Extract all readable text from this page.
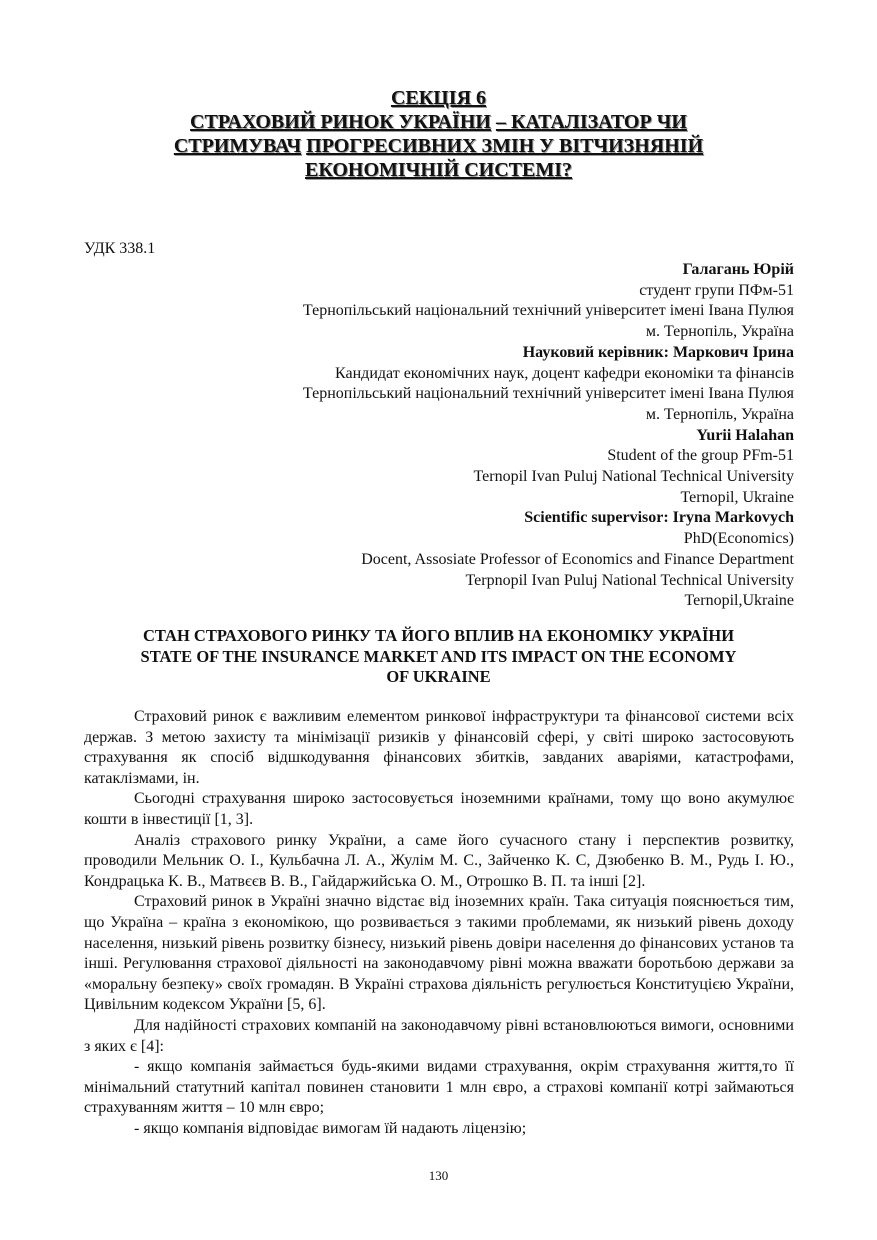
СЕКЦІЯ 6
СТРАХОВИЙ РИНОК УКРАЇНИ – КАТАЛІЗАТОР ЧИ
СТРИМУВАЧ ПРОГРЕСИВНИХ ЗМІН У ВІТЧИЗНЯНІЙ
ЕКОНОМІЧНІЙ СИСТЕМІ?
УДК 338.1
Галагань Юрій
студент групи ПФм-51
Тернопільський національний технічний університет імені Івана Пулюя
м. Тернопіль, Україна
Науковий керівник: Маркович Ірина
Кандидат економічних наук, доцент кафедри економіки та фінансів
Тернопільський національний технічний університет імені Івана Пулюя
м. Тернопіль, Україна
Yurii Halahan
Student of the group PFm-51
Ternopil Ivan Puluj National Technical University
Ternopil, Ukraine
Scientific supervisor: Iryna Markovych
PhD(Economics)
Docent, Assosiate Professor of Economics and Finance Department
Terpnopil Ivan Puluj National Technical University
Ternopil,Ukraine
СТАН СТРАХОВОГО РИНКУ ТА ЙОГО ВПЛИВ НА ЕКОНОМІКУ УКРАЇНИ
STATE OF THE INSURANCE MARKET AND ITS IMPACT ON THE ECONOMY
OF UKRAINE

Страховий ринок є важливим елементом ринкової інфраструктури та фінансової системи всіх держав. З метою захисту та мінімізації ризиків у фінансовій сфері, у світі широко застосовують страхування як спосіб відшкодування фінансових збитків, завданих аваріями, катастрофами, катаклізмами, ін.

Сьогодні страхування широко застосовується іноземними країнами, тому що воно акумулює кошти в інвестиції [1, 3].

Аналіз страхового ринку України, а саме його сучасного стану і перспектив розвитку, проводили Мельник О. І., Кульбачна Л. А., Жулім М. С., Зайченко К. С, Дзюбенко В. М., Рудь І. Ю., Кондрацька К. В., Матвєєв В. В., Гайдаржийська О. М., Отрошко В. П. та інші [2].

Страховий ринок в Україні значно відстає від іноземних країн. Така ситуація пояснюється тим, що Україна – країна з економікою, що розвивається з такими проблемами, як низький рівень доходу населення, низький рівень розвитку бізнесу, низький рівень довіри населення до фінансових установ та інші. Регулювання страхової діяльності на законодавчому рівні можна вважати боротьбою держави за «моральну безпеку» своїх громадян. В Україні страхова діяльність регулюється Конституцією України, Цивільним кодексом України [5, 6].

Для надійності страхових компаній на законодавчому рівні встановлюються вимоги, основними з яких є [4]:

- якщо компанія займається будь-якими видами страхування, окрім страхування життя,то її мінімальний статутний капітал повинен становити 1 млн євро, а страхові компанії котрі займаються страхуванням життя – 10 млн євро;

- якщо компанія відповідає вимогам їй надають ліцензію;

130
